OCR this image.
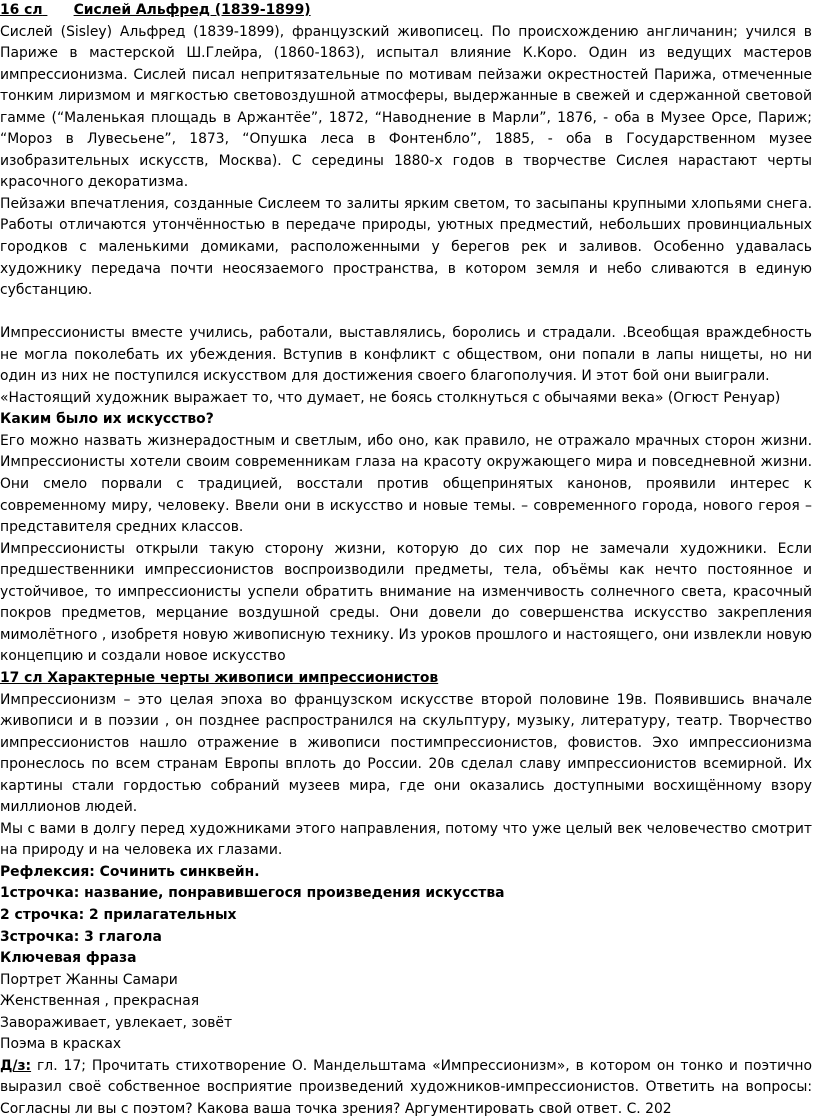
16 сл Сислей Альфред (1839-1899)

Сислей (Sisley) Альфред (1839-1899), французский живописец. По происхождению англичанин; учился в Париже в мастерской Ш.Глейра, (1860-1863), испытал влияние К.Коро. Один из ведущих мастеров импрессионизма. Сислей писал непритязательные по мотивам пейзажи окрестностей Парижа, отмеченные тонким лиризмом и мягкостью световоздушной атмосферы, выдержанные в свежей и сдержанной световой гамме (“Маленькая площадь в Аржантёе”, 1872, “Наводнение в Марли”, 1876, - оба в Музее Орсе, Париж; “Мороз в Лувесьене”, 1873, “Опушка леса в Фонтенбло”, 1885, - оба в Государственном музее изобразительных искусств, Москва). С середины 1880-х годов в творчестве Сислея нарастают черты красочного декоратизма.

Пейзажи впечатления, созданные Сислеем то залиты ярким светом, то засыпаны крупными хлопьями снега. Работы отличаются утончённостью в передаче природы, уютных предместий, небольших провинциальных городков с маленькими домиками, расположенными у берегов рек и заливов. Особенно удавалась художнику передача почти неосязаемого пространства, в котором земля и небо сливаются в единую субстанцию.

Импрессионисты вместе учились, работали, выставлялись, боролись и страдали. .Всеобщая враждебность не могла поколебать их убеждения. Вступив в конфликт с обществом, они попали в лапы нищеты, но ни один из них не поступился искусством для достижения своего благополучия. И этот бой они выиграли.

«Настоящий художник выражает то, что думает, не боясь столкнуться с обычаями века» (Огюст Ренуар)

Каким было их искусство?

Его можно назвать жизнерадостным и светлым, ибо оно, как правило, не отражало мрачных сторон жизни. Импрессионисты хотели своим современникам глаза на красоту окружающего мира и повседневной жизни. Они смело порвали с традицией, восстали против общепринятых канонов, проявили интерес к современному миру, человеку. Ввели они в искусство и новые темы. – современного города, нового героя – представителя средних классов.

Импрессионисты открыли такую сторону жизни, которую до сих пор не замечали художники. Если предшественники импрессионистов воспроизводили предметы, тела, объёмы как нечто постоянное и устойчивое, то импрессионисты успели обратить внимание на изменчивость солнечного света, красочный покров предметов, мерцание воздушной среды. Они довели до совершенства искусство закрепления мимолётного , изобретя новую живописную технику. Из уроков прошлого и настоящего, они извлекли новую концепцию и создали новое искусство

17 сл Характерные черты живописи импрессионистов

Импрессионизм – это целая эпоха во французском искусстве второй половине 19в. Появившись вначале живописи и в поэзии , он позднее распространился на скульптуру, музыку, литературу, театр. Творчество импрессионистов нашло отражение в живописи постимпрессионистов, фовистов. Эхо импрессионизма пронеслось по всем странам Европы вплоть до России. 20в сделал славу импрессионистов всемирной. Их картины стали гордостью собраний музеев мира, где они оказались доступными восхищённому взору миллионов людей.

Мы с вами в долгу перед художниками этого направления, потому что уже целый век человечество смотрит на природу и на человека их глазами.

Рефлексия: Сочинить синквейн.

1строчка: название, понравившегося произведения искусства

2 строчка: 2 прилагательных

3строчка: 3 глагола

Ключевая фраза

Портрет Жанны Самари

Женственная , прекрасная

Завораживает, увлекает, зовёт

Поэма в красках

Д/з: гл. 17; Прочитать стихотворение О. Мандельштама «Импрессионизм», в котором он тонко и поэтично выразил своё собственное восприятие произведений художников-импрессионистов. Ответить на вопросы: Согласны ли вы с поэтом? Какова ваша точка зрения? Аргументировать свой ответ. С. 202
